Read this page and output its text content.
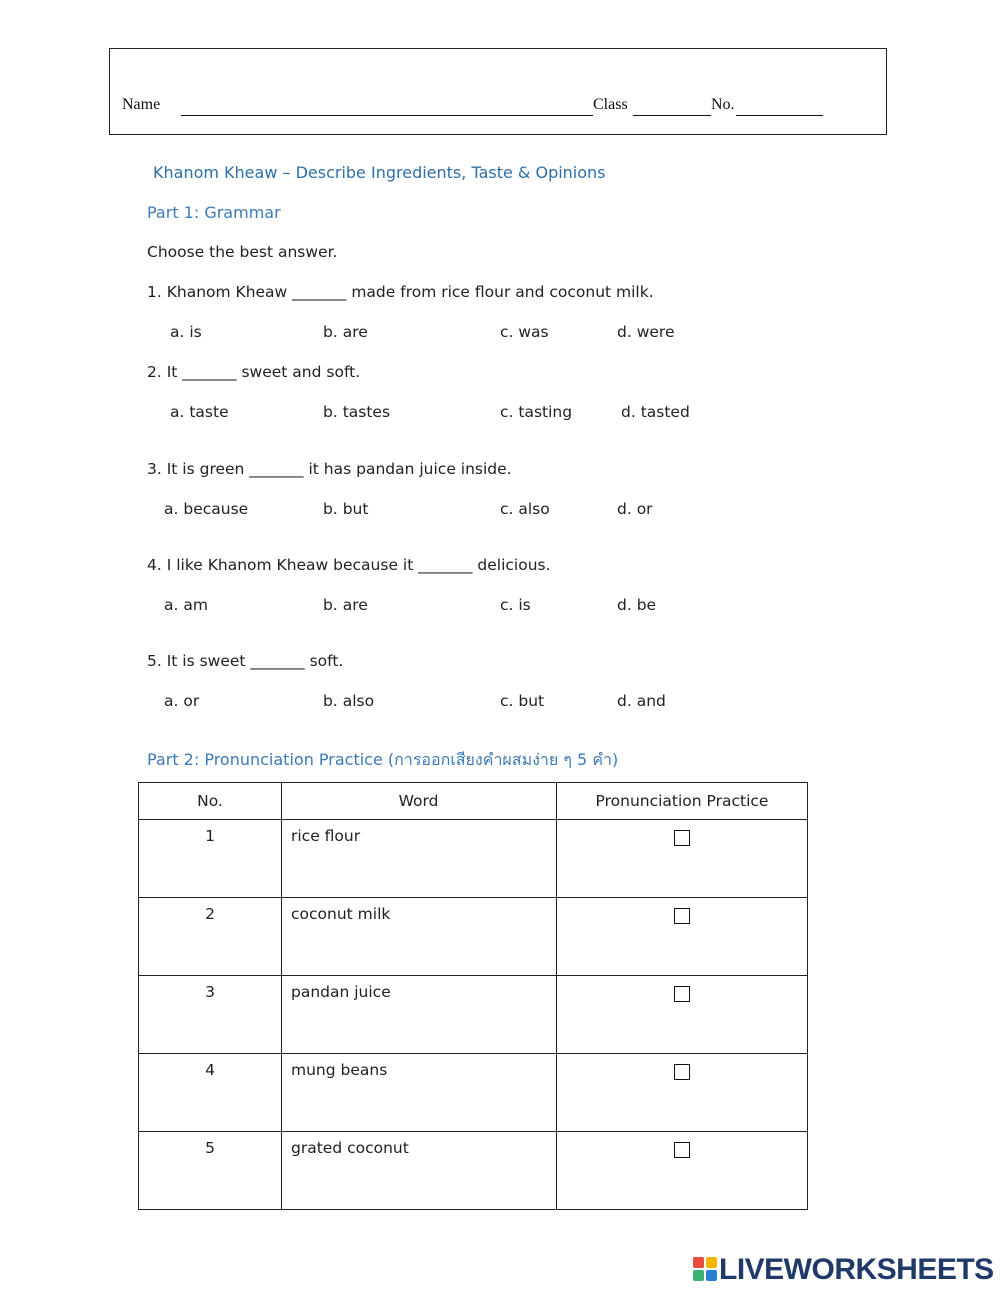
Name	Class	No.
Khanom Kheaw – Describe Ingredients, Taste & Opinions
Part 1: Grammar
Choose the best answer.
1. Khanom Kheaw _______ made from rice flour and coconut milk.
a. is	b. are	c. was	d. were
2. It _______ sweet and soft.
a. taste	b. tastes	c. tasting	d. tasted
3. It is green _______ it has pandan juice inside.
a. because	b. but	c. also	d. or
4. I like Khanom Kheaw because it _______ delicious.
a. am	b. are	c. is	d. be
5. It is sweet _______ soft.
a. or	b. also	c. but	d. and
Part 2: Pronunciation Practice (การออกเสียงคำผสมง่าย ๆ 5 คำ)
No.	Word	Pronunciation Practice
1	rice flour	
2	coconut milk	
3	pandan juice	
4	mung beans	
5	grated coconut	
LIVEWORKSHEETS
